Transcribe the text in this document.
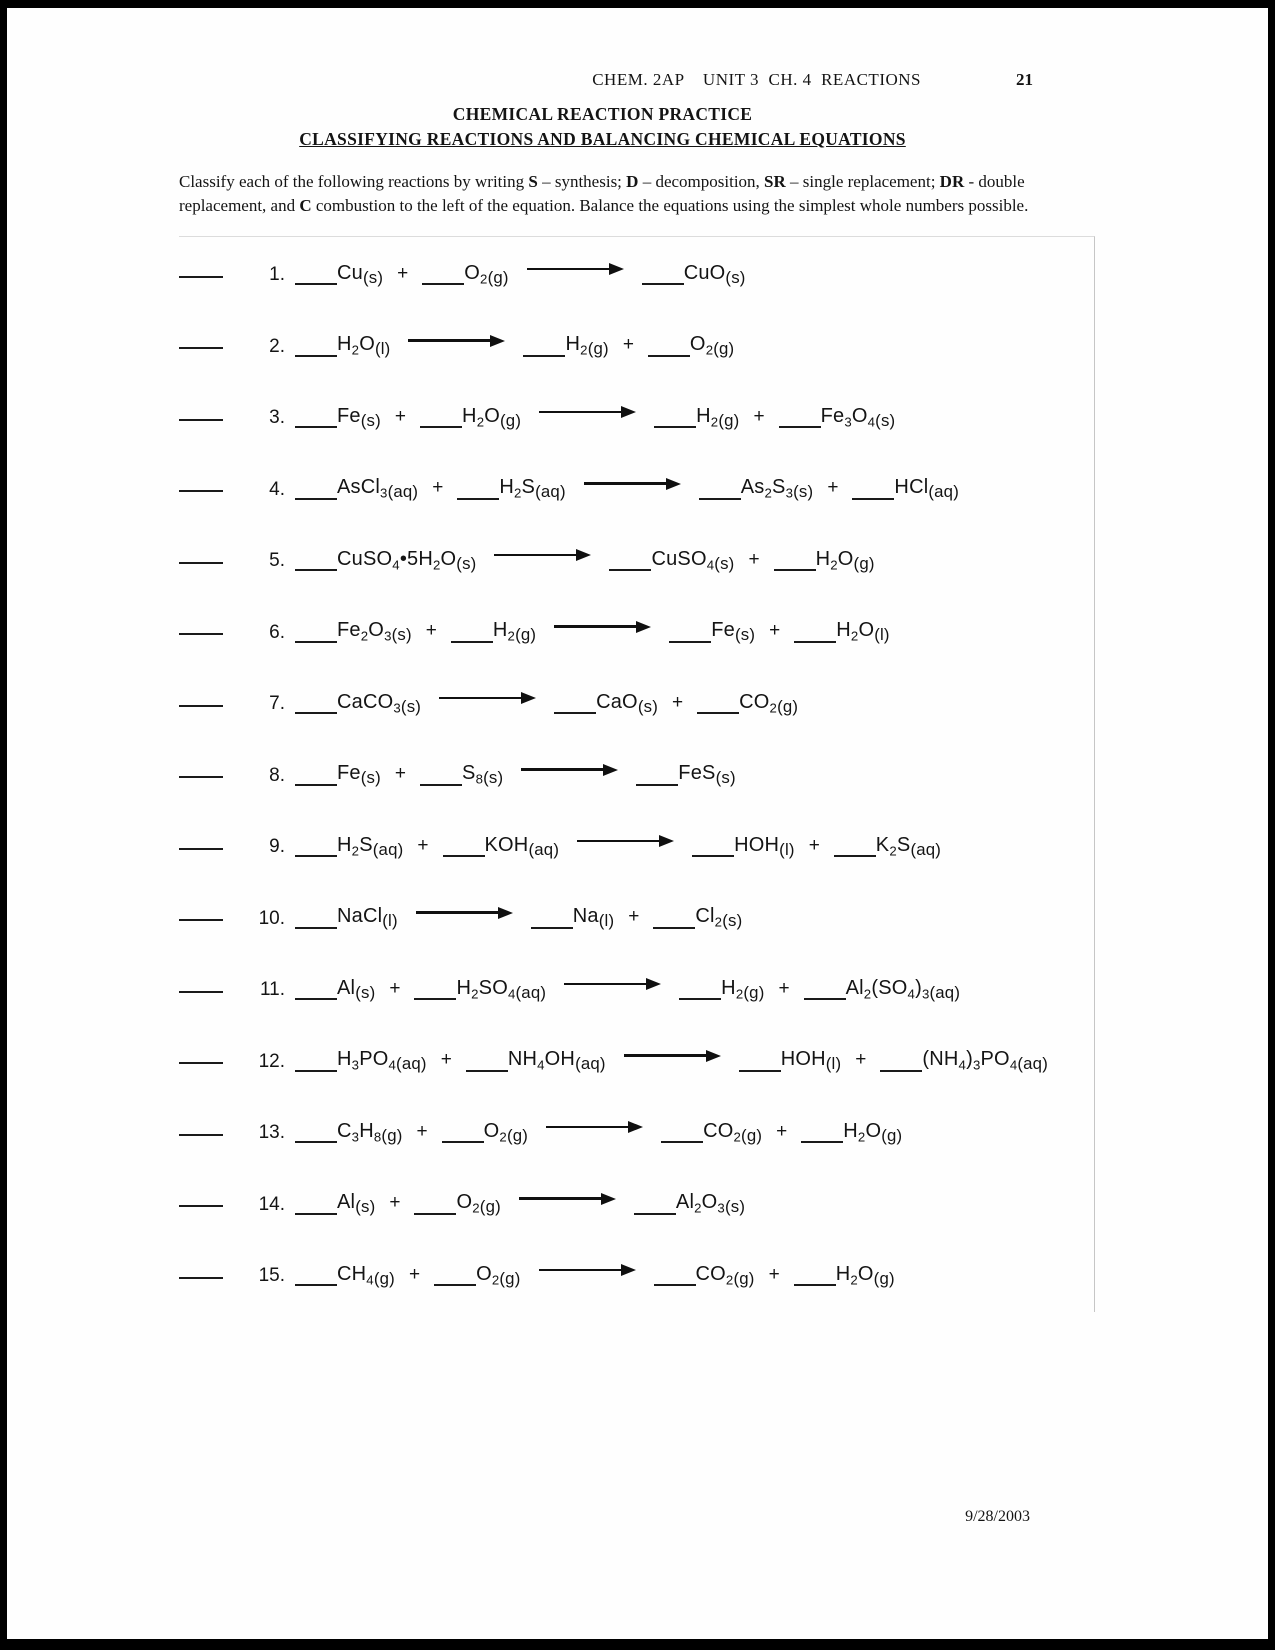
CHEM. 2AP    UNIT 3  CH. 4  REACTIONS	21
CHEMICAL REACTION PRACTICE
CLASSIFYING REACTIONS AND BALANCING CHEMICAL EQUATIONS
Classify each of the following reactions by writing S – synthesis; D – decomposition, SR – single replacement; DR - double replacement, and C combustion to the left of the equation. Balance the equations using the simplest whole numbers possible.
1.	$Cu_{(s)}$ +	$O_{2(g)}$	CuO$_{(s)}$
2.	$H_2O_{(l)}$	$H_{2(g)}$ +	$O_{2(g)}$
3.	$Fe_{(s)}$ +	$H_2O_{(g)}$	$H_{2(g)}$ +	$Fe_3O_{4(s)}$
4.	AsCl$_{3(aq)}$ +	$H_2S_{(aq)}$	$As_2S_{3(s)}$ +	HCl$_{(aq)}$
5.	$CuSO_4•5H_2O_{(s)}$	CuSO$_{4(s)}$ +	$H_2O_{(g)}$
6.	$Fe_2O_{3(s)}$ +	$H_{2(g)}$	$Fe_{(s)}$ +	$H_2O_{(l)}$
7.	CaCO$_{3(s)}$	CaO$_{(s)}$ +	$CO_{2(g)}$
8.	$Fe_{(s)}$ +	$S_{8(s)}$	FeS$_{(s)}$
9.	$H_2S_{(aq)}$ +	$KOH_{(aq)}$	$HOH_{(l)}$ +	$K_2S_{(aq)}$
10.	NaCl$_{(l)}$	$Na_{(l)}$ +	$Cl_{2(s)}$
11.	$Al_{(s)}$ +	$H_2SO_{4(aq)}$	$H_{2(g)}$ +	$Al_2(SO_4)_{3(aq)}$
12.	$H_3PO_{4(aq)}$ +	$NH_4OH_{(aq)}$	$HOH_{(l)}$ +	$(NH_4)_3PO_{4(aq)}$
13.	$C_3H_{8(g)}$ +	$O_{2(g)}$	$CO_{2(g)}$ +	$H_2O_{(g)}$
14.	$Al_{(s)}$ +	$O_{2(g)}$	$Al_2O_{3(s)}$
15.	$CH_{4(g)}$ +	$O_{2(g)}$	$CO_{2(g)}$ +	$H_2O_{(g)}$
9/28/2003
